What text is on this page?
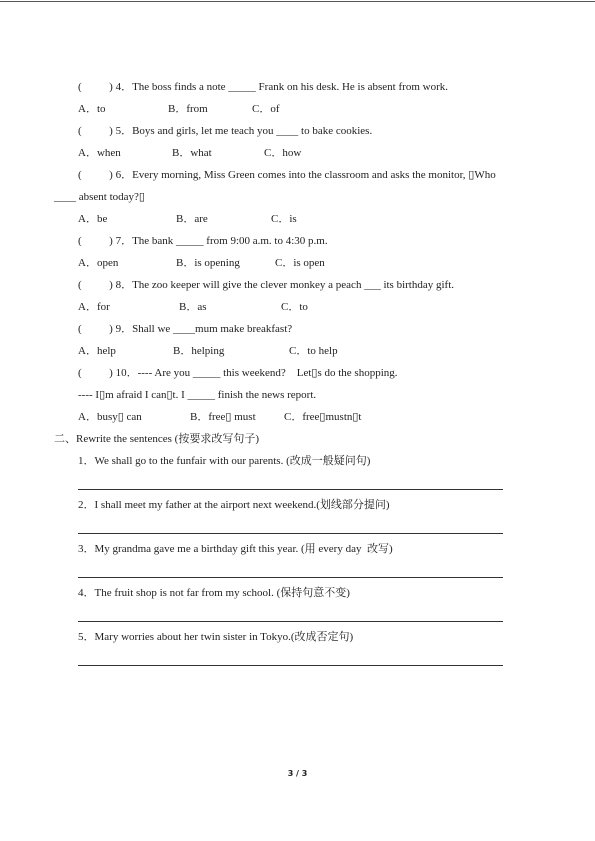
(          ) 4．The boss finds a note _____ Frank on his desk. He is absent from work.
A．to	B．from	C．of
(          ) 5．Boys and girls, let me teach you ____ to bake cookies.
A．when	B．what	C．how
(          ) 6．Every morning, Miss Green comes into the classroom and asks the monitor, ▯Who
____ absent today?▯
A．be	B．are	C．is
(          ) 7．The bank _____ from 9:00 a.m. to 4:30 p.m.
A．open	B．is opening	C．is open
(          ) 8．The zoo keeper will give the clever monkey a peach ___ its birthday gift.
A．for	B．as	C．to
(          ) 9．Shall we ____mum make breakfast?
A．help	B．helping	C．to help
(          ) 10．---- Are you _____ this weekend?    Let▯s do the shopping.
---- I▯m afraid I can▯t. I _____ finish the news report.
A．busy▯ can	B．free▯ must	C．free▯mustn▯t
二、Rewrite the sentences (按要求改写句子)
1．We shall go to the funfair with our parents. (改成一般疑问句)
2．I shall meet my father at the airport next weekend.(划线部分提问)
3．My grandma gave me a birthday gift this year. (用 every day  改写)
4．The fruit shop is not far from my school. (保持句意不变)
5．Mary worries about her twin sister in Tokyo.(改成否定句)
3 / 3
